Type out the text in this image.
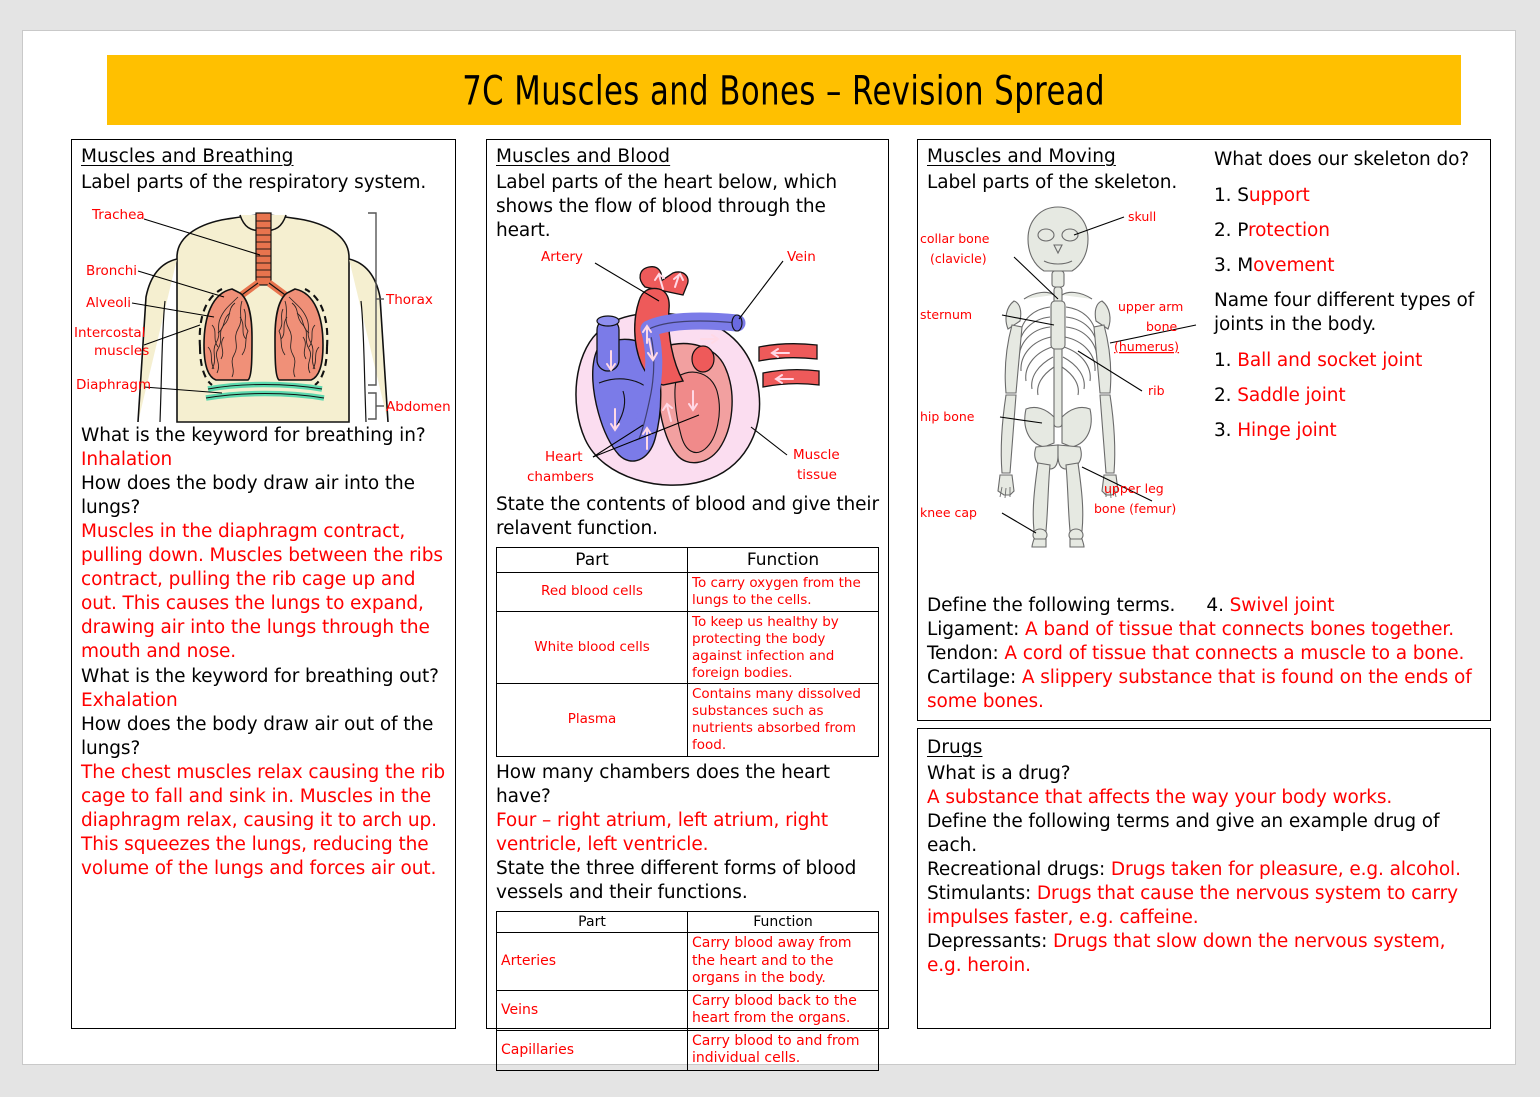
7C Muscles and Bones – Revision Spread
Muscles and Breathing

Label parts of the respiratory system.

Trachea
Bronchi
Alveoli
Intercostal
muscles
Diaphragm
Thorax
Abdomen

What is the keyword for breathing in?

Inhalation

How does the body draw air into the lungs?

Muscles in the diaphragm contract, pulling down. Muscles between the ribs contract, pulling the rib cage up and out. This causes the lungs to expand, drawing air into the lungs through the mouth and nose.

What is the keyword for breathing out?

Exhalation

How does the body draw air out of the lungs?

The chest muscles relax causing the rib cage to fall and sink in. Muscles in the diaphragm relax, causing it to arch up. This squeezes the lungs, reducing the volume of the lungs and forces air out.

Muscles and Blood

Label parts of the heart below, which shows the flow of blood through the heart.

Artery	Vein
Heart
chambers
Muscle
tissue

State the contents of blood and give their relavent function.

Part	Function
Red blood cells	To carry oxygen from the lungs to the cells.
White blood cells	To keep us healthy by protecting the body against infection and foreign bodies.
Plasma	Contains many dissolved substances such as nutrients absorbed from food.

How many chambers does the heart have?

Four – right atrium, left atrium, right ventricle, left ventricle.

State the three different forms of blood vessels and their functions.

Part	Function
Arteries	Carry blood away from the heart and to the organs in the body.
Veins	Carry blood back to the heart from the organs.
Capillaries	Carry blood to and from individual cells.
Muscles and Moving

Label parts of the skeleton.

skull
collar bone
(clavicle)
sternum
hip bone
knee cap
upper arm
bone
(humerus)
rib
upper leg
bone (femur)

What does our skeleton do?

1. Support

2. Protection

3. Movement

Name four different types of joints in the body.

1. Ball and socket joint

2. Saddle joint

3. Hinge joint

Define the following terms.

4. Swivel joint

Ligament: A band of tissue that connects bones together.

Tendon: A cord of tissue that connects a muscle to a bone.

Cartilage: A slippery substance that is found on the ends of some bones.

Drugs

What is a drug?

A substance that affects the way your body works.

Define the following terms and give an example drug of each.

Recreational drugs: Drugs taken for pleasure, e.g. alcohol.

Stimulants: Drugs that cause the nervous system to carry impulses faster, e.g. caffeine.

Depressants: Drugs that slow down the nervous system, e.g. heroin.
